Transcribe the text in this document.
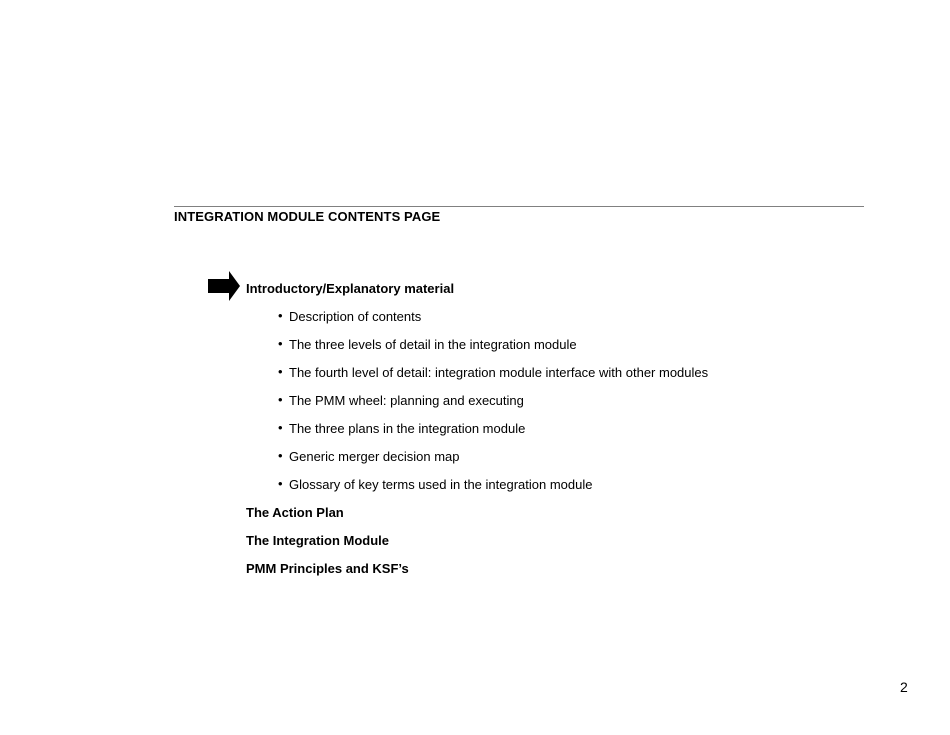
INTEGRATION MODULE CONTENTS PAGE
Introductory/Explanatory material
• Description of contents
• The three levels of detail in the integration module
• The fourth level of detail: integration module interface with other modules
• The PMM wheel: planning and executing
• The three plans in the integration module
• Generic merger decision map
• Glossary of key terms used in the integration module
The Action Plan
The Integration Module
PMM Principles and KSF’s
2
